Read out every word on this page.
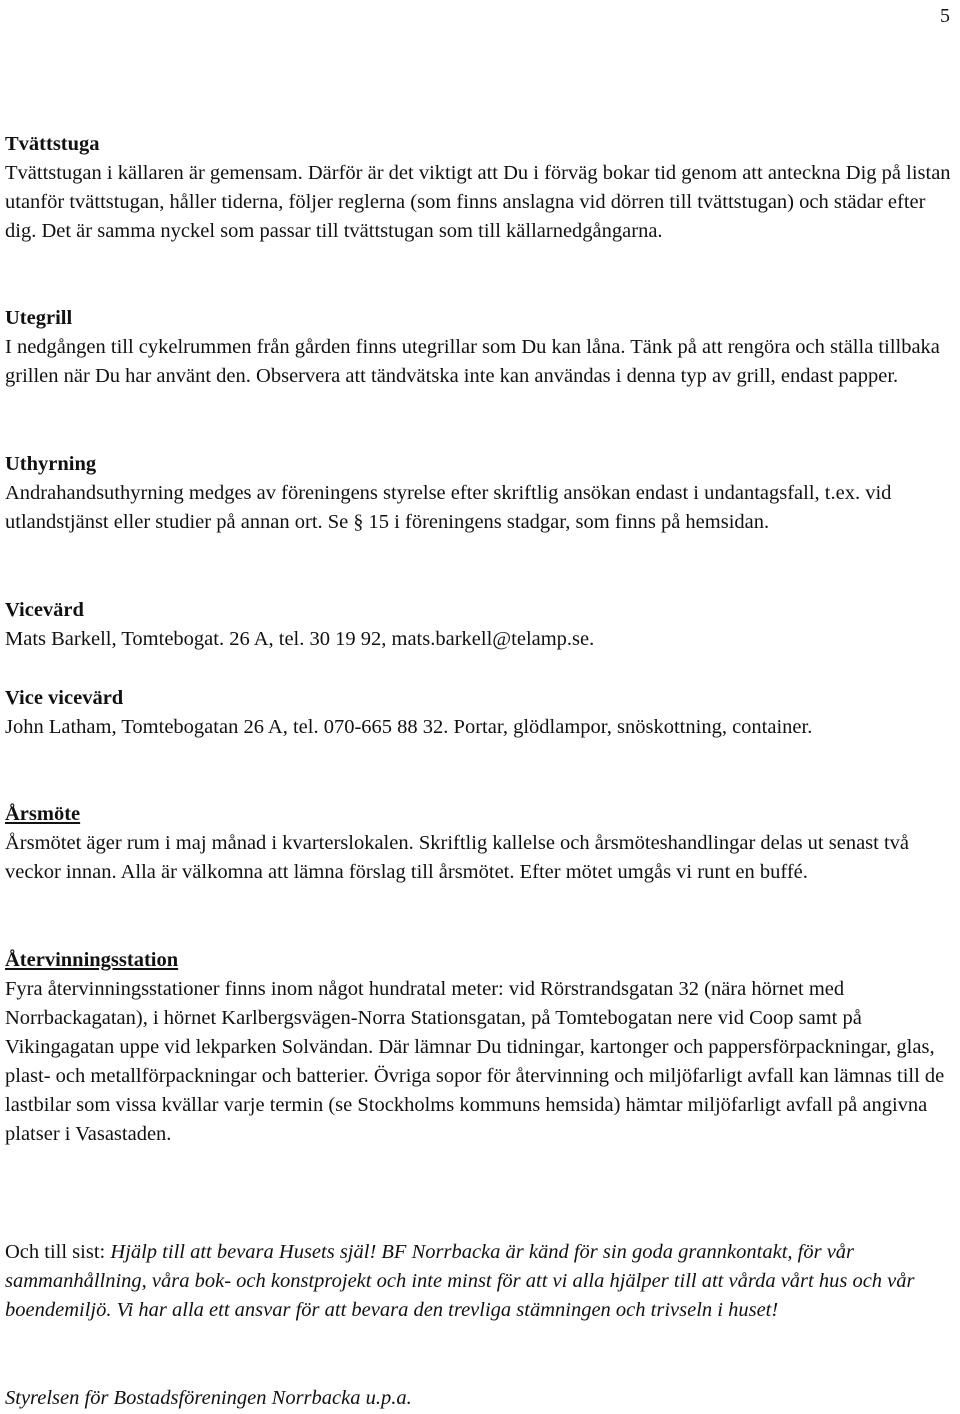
5
Tvättstuga
Tvättstugan i källaren är gemensam. Därför är det viktigt att Du i förväg bokar tid genom att anteckna Dig på listan utanför tvättstugan, håller tiderna, följer reglerna (som finns anslagna vid dörren till tvättstugan) och städar efter dig. Det är samma nyckel som passar till tvättstugan som till källarnedgångarna.
Utegrill
I nedgången till cykelrummen från gården finns utegrillar som Du kan låna. Tänk på att rengöra och ställa tillbaka grillen när Du har använt den. Observera att tändvätska inte kan användas i denna typ av grill, endast papper.
Uthyrning
Andrahandsuthyrning medges av föreningens styrelse efter skriftlig ansökan endast i undantagsfall, t.ex. vid utlandstjänst eller studier på annan ort. Se § 15 i föreningens stadgar, som finns på hemsidan.
Vicevärd
Mats Barkell, Tomtebogat. 26 A, tel. 30 19 92, mats.barkell@telamp.se.
Vice vicevärd
John Latham, Tomtebogatan 26 A, tel. 070-665 88 32. Portar, glödlampor, snöskottning, container.
Årsmöte
Årsmötet äger rum i maj månad i kvarterslokalen. Skriftlig kallelse och årsmöteshandlingar delas ut senast två veckor innan. Alla är välkomna att lämna förslag till årsmötet. Efter mötet umgås vi runt en buffé.
Återvinningsstation
Fyra återvinningsstationer finns inom något hundratal meter: vid Rörstrandsgatan 32 (nära hörnet med Norrbackagatan), i hörnet Karlbergsvägen-Norra Stationsgatan, på Tomtebogatan nere vid Coop samt på Vikingagatan uppe vid lekparken Solvändan. Där lämnar Du tidningar, kartonger och pappersförpackningar, glas, plast- och metallförpackningar och batterier. Övriga sopor för återvinning och miljöfarligt avfall kan lämnas till de lastbilar som vissa kvällar varje termin (se Stockholms kommuns hemsida) hämtar miljöfarligt avfall på angivna platser i Vasastaden.
Och till sist: Hjälp till att bevara Husets själ! BF Norrbacka är känd för sin goda grannkontakt, för vår sammanhållning, våra bok- och konstprojekt och inte minst för att vi alla hjälper till att vårda vårt hus och vår boendemiljö. Vi har alla ett ansvar för att bevara den trevliga stämningen och trivseln i huset!
Styrelsen för Bostadsföreningen Norrbacka u.p.a.
